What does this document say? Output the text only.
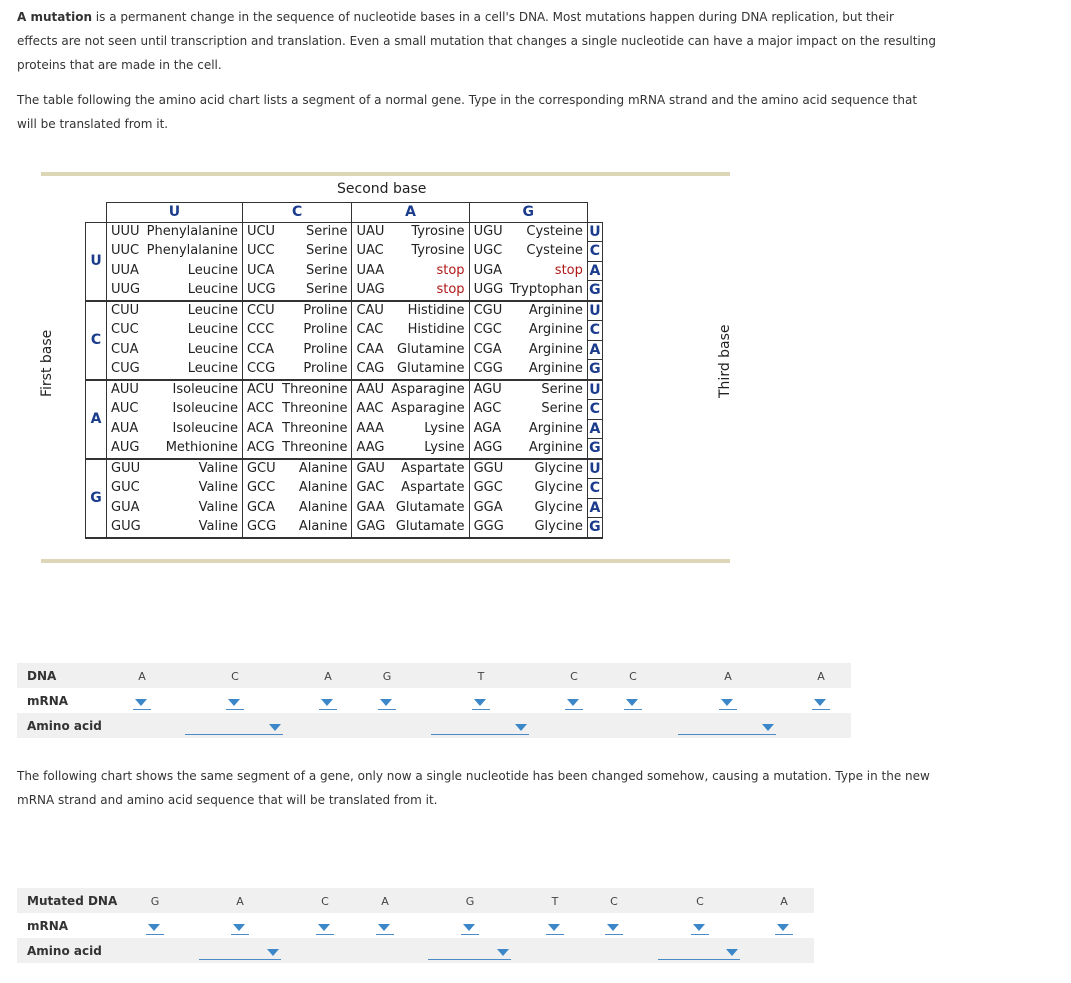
A mutation is a permanent change in the sequence of nucleotide bases in a cell's DNA. Most mutations happen during DNA replication, but their effects are not seen until transcription and translation. Even a small mutation that changes a single nucleotide can have a major impact on the resulting proteins that are made in the cell.

The table following the amino acid chart lists a segment of a normal gene. Type in the corresponding mRNA strand and the amino acid sequence that will be translated from it.

Second base
First base	Third base
	U		C		A		G		
U	UUU	Phenylalanine	UCU	Serine	UAU	Tyrosine	UGU	Cysteine	U
	UUC	Phenylalanine	UCC	Serine	UAC	Tyrosine	UGC	Cysteine	C
	UUA	Leucine	UCA	Serine	UAA	stop	UGA	stop	A
	UUG	Leucine	UCG	Serine	UAG	stop	UGG	Tryptophan	G
C	CUU	Leucine	CCU	Proline	CAU	Histidine	CGU	Arginine	U
	CUC	Leucine	CCC	Proline	CAC	Histidine	CGC	Arginine	C
	CUA	Leucine	CCA	Proline	CAA	Glutamine	CGA	Arginine	A
	CUG	Leucine	CCG	Proline	CAG	Glutamine	CGG	Arginine	G
A	AUU	Isoleucine	ACU	Threonine	AAU	Asparagine	AGU	Serine	U
	AUC	Isoleucine	ACC	Threonine	AAC	Asparagine	AGC	Serine	C
	AUA	Isoleucine	ACA	Threonine	AAA	Lysine	AGA	Arginine	A
	AUG	Methionine	ACG	Threonine	AAG	Lysine	AGG	Arginine	G
G	GUU	Valine	GCU	Alanine	GAU	Aspartate	GGU	Glycine	U
	GUC	Valine	GCC	Alanine	GAC	Aspartate	GGC	Glycine	C
	GUA	Valine	GCA	Alanine	GAA	Glutamate	GGA	Glycine	A
	GUG	Valine	GCG	Alanine	GAG	Glutamate	GGG	Glycine	G
DNA	A	C	A	G	T	C	C	A	A
mRNA
Amino acid

The following chart shows the same segment of a gene, only now a single nucleotide has been changed somehow, causing a mutation. Type in the new mRNA strand and amino acid sequence that will be translated from it.

Mutated DNA	G	A	C	A	G	T	C	C	A
mRNA
Amino acid
